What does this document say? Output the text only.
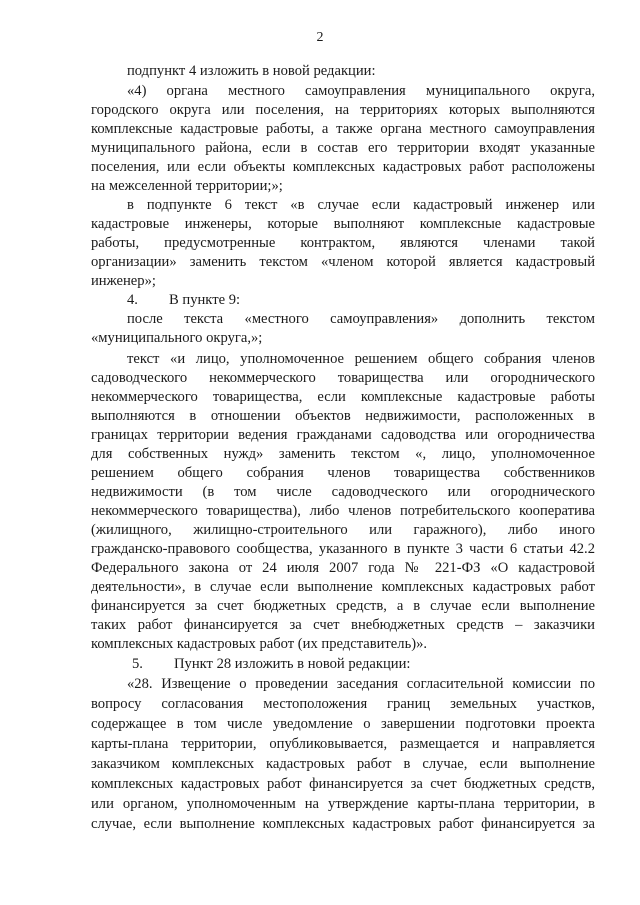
2
подпункт 4 изложить в новой редакции:
«4) органа местного самоуправления муниципального округа,
городского округа или поселения, на территориях которых выполняются
комплексные кадастровые работы, а также органа местного самоуправления
муниципального района, если в состав его территории входят указанные
поселения, или если объекты комплексных кадастровых работ расположены
на межселенной территории;»;
в подпункте 6 текст «в случае если кадастровый инженер или
кадастровые инженеры, которые выполняют комплексные кадастровые
работы, предусмотренные контрактом, являются членами такой
организации» заменить текстом «членом которой является кадастровый
инженер»;
4. В пункте 9:
после текста «местного самоуправления» дополнить текстом
«муниципального округа,»;
текст «и лицо, уполномоченное решением общего собрания членов
садоводческого некоммерческого товарищества или огороднического
некоммерческого товарищества, если комплексные кадастровые работы
выполняются в отношении объектов недвижимости, расположенных в
границах территории ведения гражданами садоводства или огородничества
для собственных нужд» заменить текстом «, лицо, уполномоченное
решением общего собрания членов товарищества собственников
недвижимости (в том числе садоводческого или огороднического
некоммерческого товарищества), либо членов потребительского кооператива
(жилищного, жилищно-строительного или гаражного), либо иного
гражданско-правового сообщества, указанного в пункте 3 части 6 статьи 42.2
Федерального закона от 24 июля 2007 года № 221-ФЗ «О кадастровой
деятельности», в случае если выполнение комплексных кадастровых работ
финансируется за счет бюджетных средств, а в случае если выполнение
таких работ финансируется за счет внебюджетных средств – заказчики
комплексных кадастровых работ (их представитель)».
5. Пункт 28 изложить в новой редакции:
«28. Извещение о проведении заседания согласительной комиссии по
вопросу согласования местоположения границ земельных участков,
содержащее в том числе уведомление о завершении подготовки проекта
карты-плана территории, опубликовывается, размещается и направляется
заказчиком комплексных кадастровых работ в случае, если выполнение
комплексных кадастровых работ финансируется за счет бюджетных средств,
или органом, уполномоченным на утверждение карты-плана территории, в
случае, если выполнение комплексных кадастровых работ финансируется за
